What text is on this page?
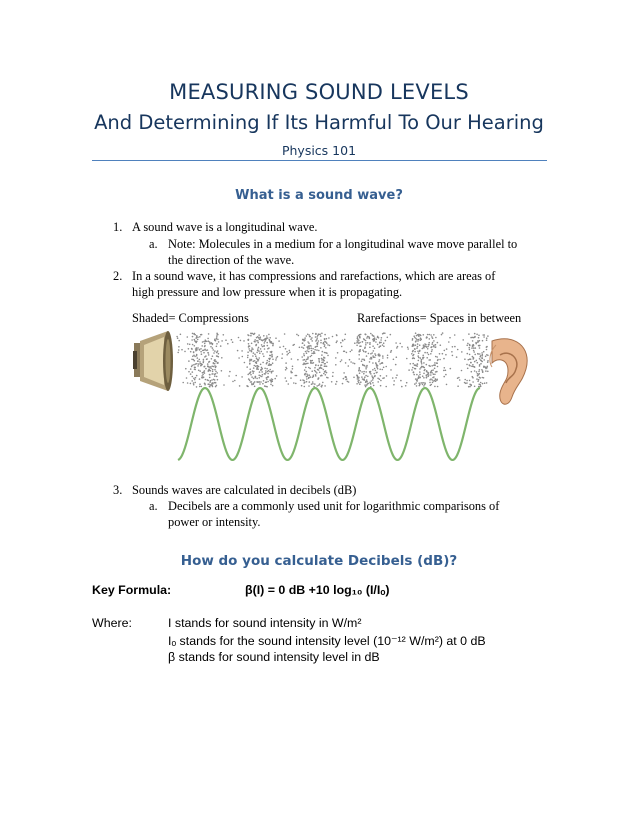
MEASURING SOUND LEVELS
And Determining If Its Harmful To Our Hearing
Physics 101
What is a sound wave?
1. A sound wave is a longitudinal wave.
a. Note: Molecules in a medium for a longitudinal wave move parallel to
the direction of the wave.
2. In a sound wave, it has compressions and rarefactions, which are areas of
high pressure and low pressure when it is propagating.
Shaded= Compressions	Rarefactions= Spaces in between
3. Sounds waves are calculated in decibels (dB)
a. Decibels are a commonly used unit for logarithmic comparisons of
power or intensity.
How do you calculate Decibels (dB)?
Key Formula:	β(I) = 0 dB +10 log₁₀ (I/Iₒ)
Where:	I stands for sound intensity in W/m²
Iₒ stands for the sound intensity level (10⁻¹² W/m²) at 0 dB
β stands for sound intensity level in dB
